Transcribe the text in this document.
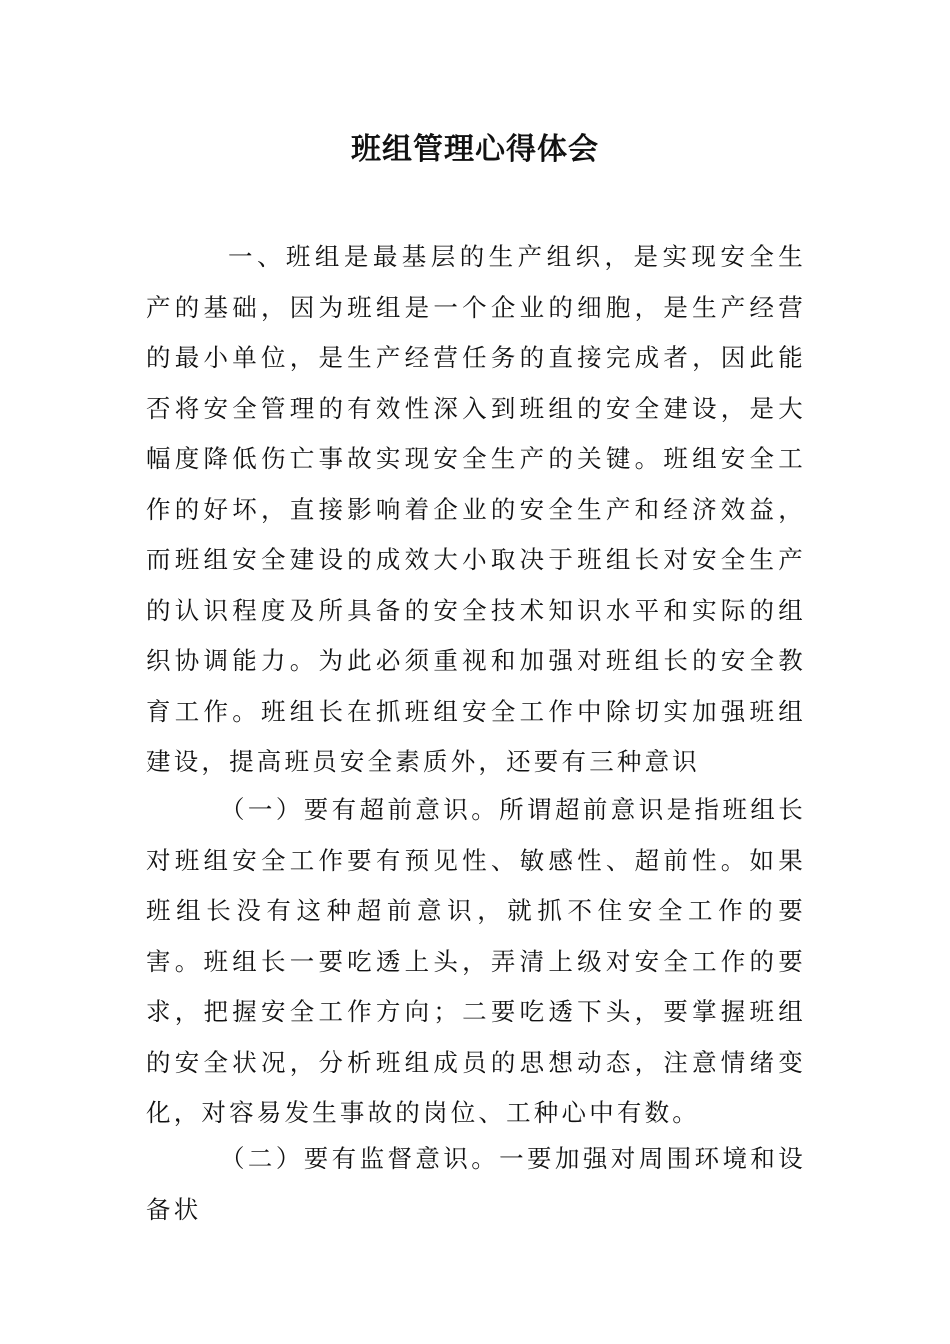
班组管理心得体会

一、班组是最基层的生产组织，是实现安全生产的基础，因为班组是一个企业的细胞，是生产经营的最小单位，是生产经营任务的直接完成者，因此能否将安全管理的有效性深入到班组的安全建设，是大幅度降低伤亡事故实现安全生产的关键。班组安全工作的好坏，直接影响着企业的安全生产和经济效益，而班组安全建设的成效大小取决于班组长对安全生产的认识程度及所具备的安全技术知识水平和实际的组织协调能力。为此必须重视和加强对班组长的安全教育工作。班组长在抓班组安全工作中除切实加强班组建设，提高班员安全素质外，还要有三种意识

（一）要有超前意识。所谓超前意识是指班组长对班组安全工作要有预见性、敏感性、超前性。如果班组长没有这种超前意识，就抓不住安全工作的要害。班组长一要吃透上头，弄清上级对安全工作的要求，把握安全工作方向；二要吃透下头，要掌握班组的安全状况，分析班组成员的思想动态，注意情绪变化，对容易发生事故的岗位、工种心中有数。

（二）要有监督意识。一要加强对周围环境和设备状
